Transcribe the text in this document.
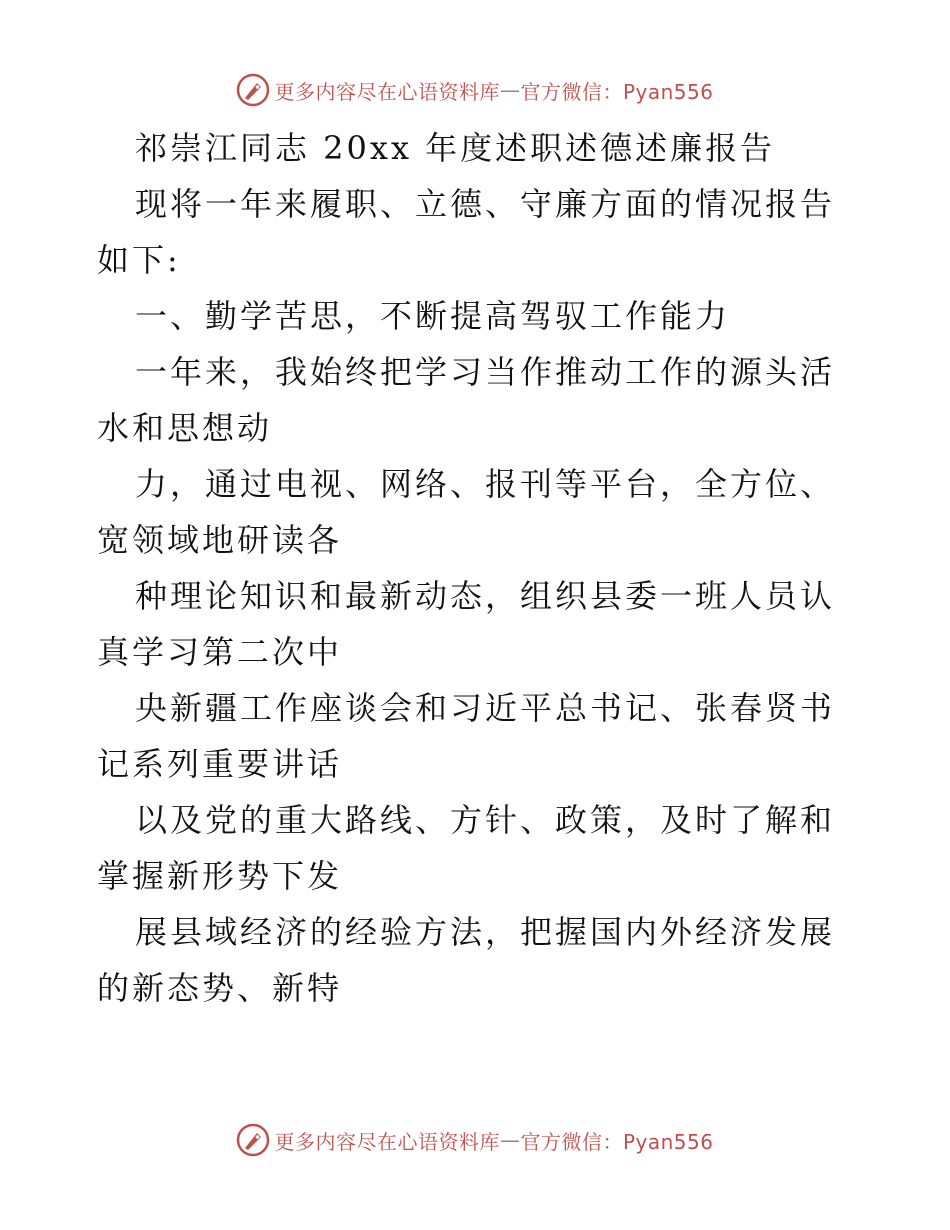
更多内容尽在心语资料库 — 官方微信：Pyan556

祁崇江同志 20xx 年度述职述德述廉报告

现将一年来履职、立德、守廉方面的情况报告如下:

一、勤学苦思，不断提高驾驭工作能力

一年来，我始终把学习当作推动工作的源头活水和思想动

力，通过电视、网络、报刊等平台，全方位、宽领域地研读各

种理论知识和最新动态，组织县委一班人员认真学习第二次中

央新疆工作座谈会和习近平总书记、张春贤书记系列重要讲话

以及党的重大路线、方针、政策，及时了解和掌握新形势下发

展县域经济的经验方法，把握国内外经济发展的新态势、新特

更多内容尽在心语资料库 — 官方微信：Pyan556
